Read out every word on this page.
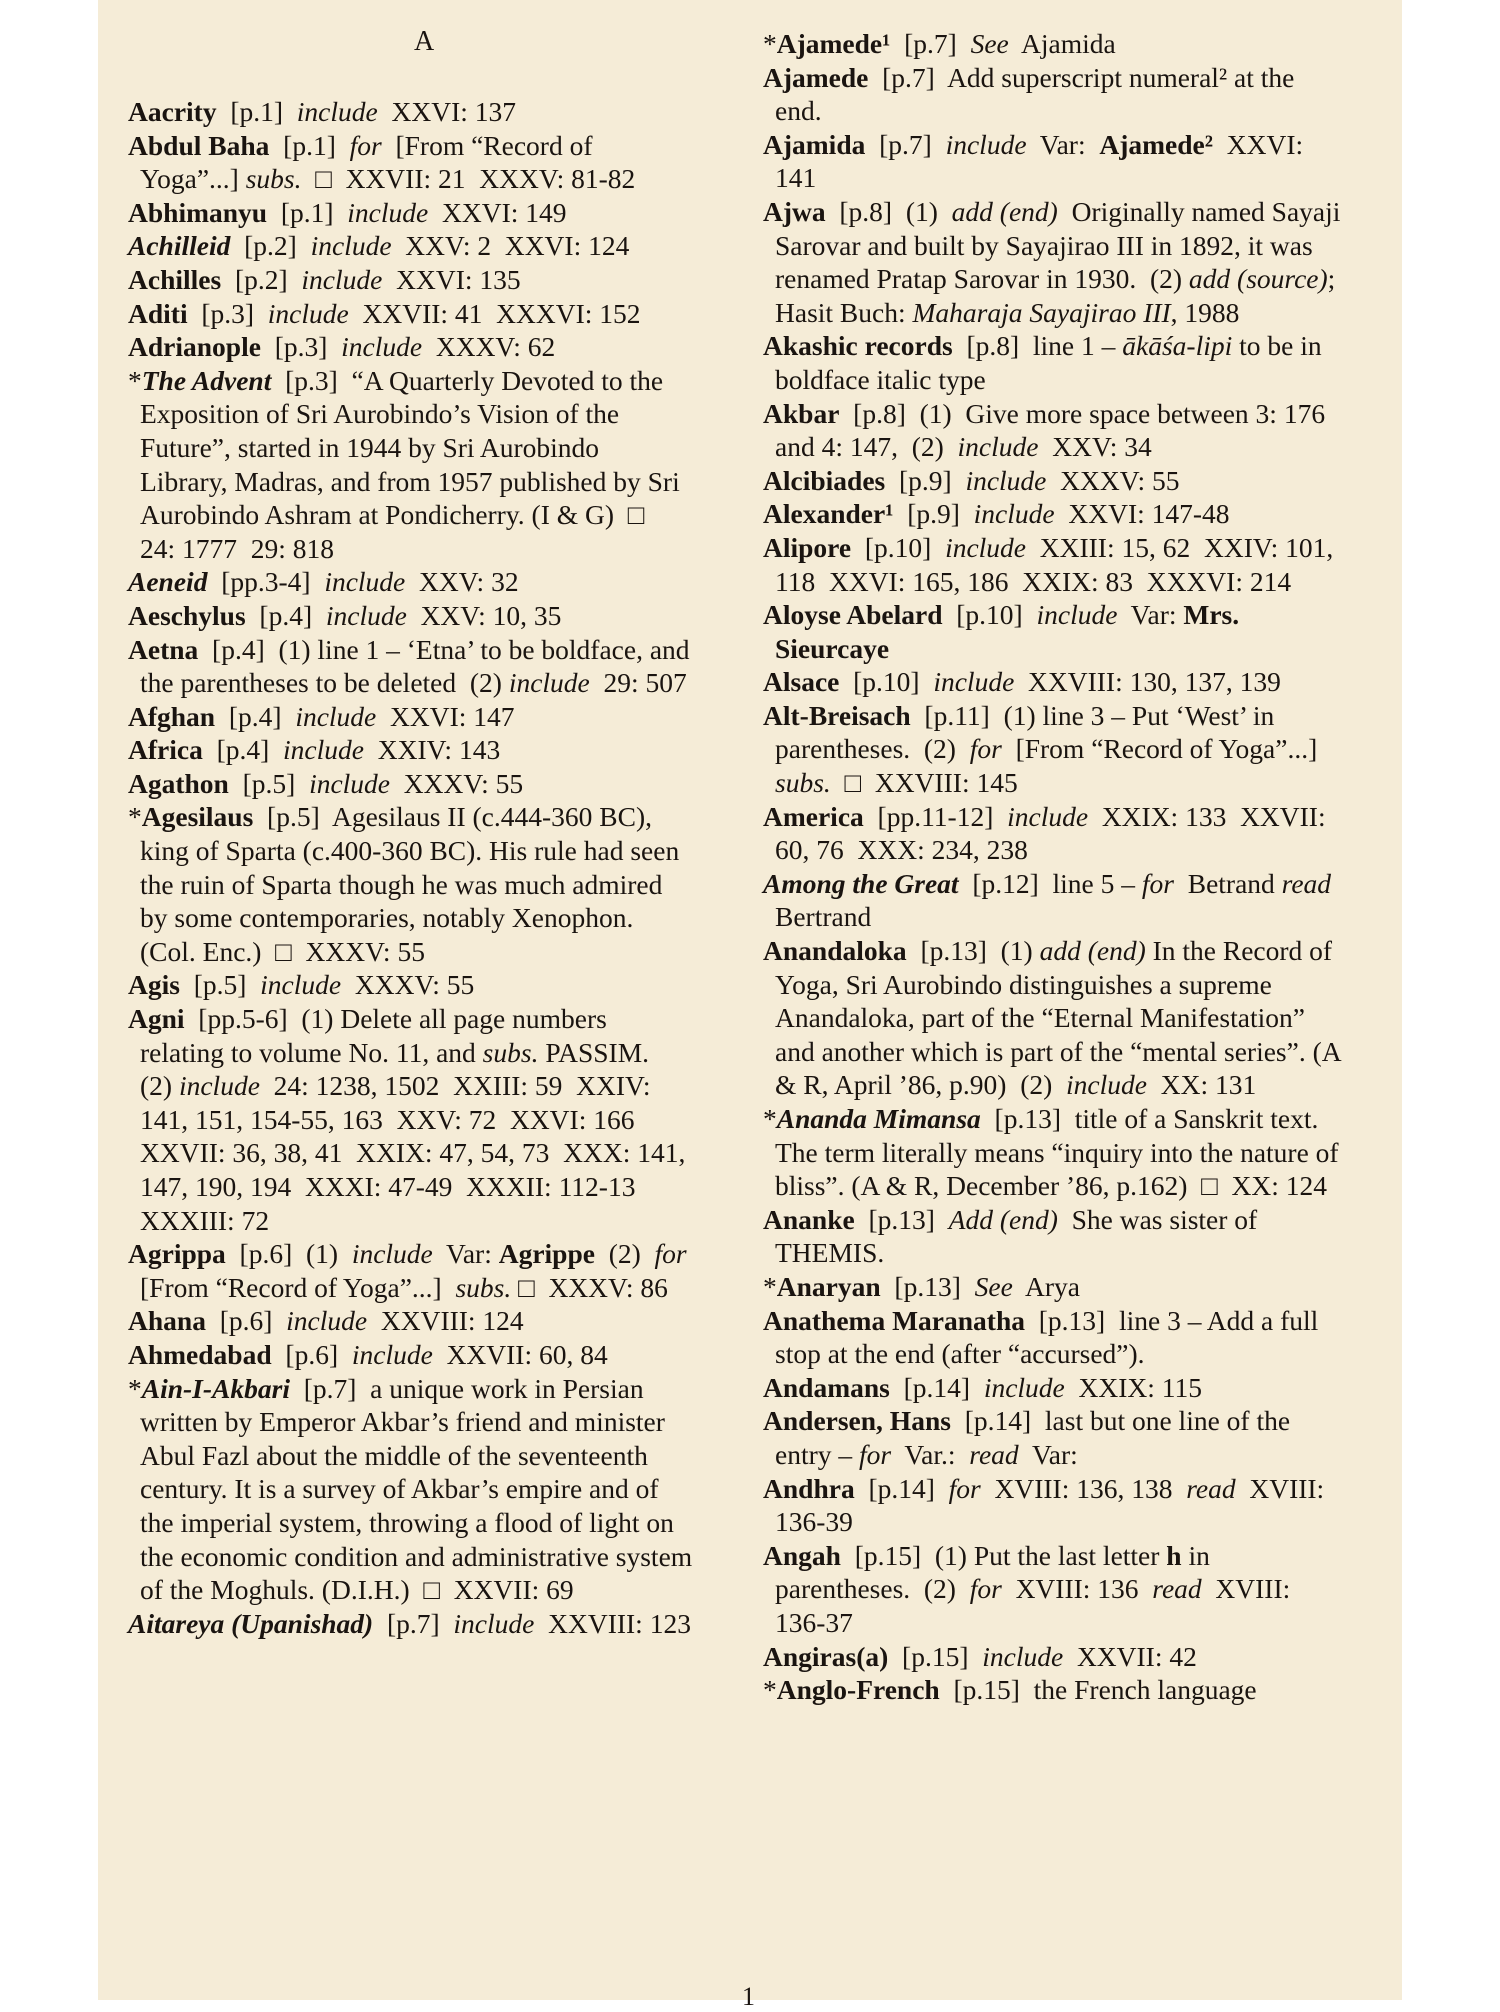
A

Aacrity  [p.1]  include  XXVI: 137

Abdul Baha  [p.1]  for  [From “Record of Yoga”...] subs.  □  XXVII: 21  XXXV: 81-82

Abhimanyu  [p.1]  include  XXVI: 149

Achilleid  [p.2]  include  XXV: 2  XXVI: 124

Achilles  [p.2]  include  XXVI: 135

Aditi  [p.3]  include  XXVII: 41  XXXVI: 152

Adrianople  [p.3]  include  XXXV: 62

*The Advent  [p.3]  “A Quarterly Devoted to the Exposition of Sri Aurobindo’s Vision of the Future”, started in 1944 by Sri Aurobindo Library, Madras, and from 1957 published by Sri Aurobindo Ashram at Pondicherry. (I & G)  □  24: 1777  29: 818

Aeneid  [pp.3-4]  include  XXV: 32

Aeschylus  [p.4]  include  XXV: 10, 35

Aetna  [p.4]  (1) line 1 – ‘Etna’ to be boldface, and the parentheses to be deleted  (2) include  29: 507

Afghan  [p.4]  include  XXVI: 147

Africa  [p.4]  include  XXIV: 143

Agathon  [p.5]  include  XXXV: 55

*Agesilaus  [p.5]  Agesilaus II (c.444-360 BC), king of Sparta (c.400-360 BC). His rule had seen the ruin of Sparta though he was much admired by some contemporaries, notably Xenophon. (Col. Enc.)  □  XXXV: 55

Agis  [p.5]  include  XXXV: 55

Agni  [pp.5-6]  (1) Delete all page numbers relating to volume No. 11, and subs. PASSIM.  (2) include  24: 1238, 1502  XXIII: 59  XXIV: 141, 151, 154-55, 163  XXV: 72  XXVI: 166  XXVII: 36, 38, 41  XXIX: 47, 54, 73  XXX: 141, 147, 190, 194  XXXI: 47-49  XXXII: 112-13  XXXIII: 72

Agrippa  [p.6]  (1)  include  Var: Agrippe  (2)  for  [From “Record of Yoga”...]  subs. □  XXXV: 86

Ahana  [p.6]  include  XXVIII: 124

Ahmedabad  [p.6]  include  XXVII: 60, 84

*Ain-I-Akbari  [p.7]  a unique work in Persian written by Emperor Akbar’s friend and minister Abul Fazl about the middle of the seventeenth century. It is a survey of Akbar’s empire and of the imperial system, throwing a flood of light on the economic condition and administrative system of the Moghuls. (D.I.H.)  □  XXVII: 69

Aitareya (Upanishad)  [p.7]  include  XXVIII: 123

*Ajamede¹  [p.7]  See  Ajamida

Ajamede  [p.7]  Add superscript numeral² at the end.

Ajamida  [p.7]  include  Var:  Ajamede²  XXVI: 141

Ajwa  [p.8]  (1)  add (end)  Originally named Sayaji Sarovar and built by Sayajirao III in 1892, it was renamed Pratap Sarovar in 1930.  (2) add (source); Hasit Buch: Maharaja Sayajirao III, 1988

Akashic records  [p.8]  line 1 – ākāśa-lipi to be in boldface italic type

Akbar  [p.8]  (1)  Give more space between 3: 176 and 4: 147,  (2)  include  XXV: 34

Alcibiades  [p.9]  include  XXXV: 55

Alexander¹  [p.9]  include  XXVI: 147-48

Alipore  [p.10]  include  XXIII: 15, 62  XXIV: 101, 118  XXVI: 165, 186  XXIX: 83  XXXVI: 214

Aloyse Abelard  [p.10]  include  Var: Mrs. Sieurcaye

Alsace  [p.10]  include  XXVIII: 130, 137, 139

Alt-Breisach  [p.11]  (1) line 3 – Put ‘West’ in parentheses.  (2)  for  [From “Record of Yoga”...]  subs.  □  XXVIII: 145

America  [pp.11-12]  include  XXIX: 133  XXVII: 60, 76  XXX: 234, 238

Among the Great  [p.12]  line 5 – for  Betrand read Bertrand

Anandaloka  [p.13]  (1) add (end) In the Record of Yoga, Sri Aurobindo distinguishes a supreme Anandaloka, part of the “Eternal Manifestation” and another which is part of the “mental series”. (A & R, April ’86, p.90)  (2)  include  XX: 131

*Ananda Mimansa  [p.13]  title of a Sanskrit text. The term literally means “inquiry into the nature of bliss”. (A & R, December ’86, p.162)  □  XX: 124

Ananke  [p.13]  Add (end)  She was sister of THEMIS.

*Anaryan  [p.13]  See  Arya

Anathema Maranatha  [p.13]  line 3 – Add a full stop at the end (after “accursed”).

Andamans  [p.14]  include  XXIX: 115

Andersen, Hans  [p.14]  last but one line of the entry – for  Var.:  read  Var:

Andhra  [p.14]  for  XVIII: 136, 138  read  XVIII: 136-39

Angah  [p.15]  (1) Put the last letter h in parentheses.  (2)  for  XVIII: 136  read  XVIII: 136-37

Angiras(a)  [p.15]  include  XXVII: 42

*Anglo-French  [p.15]  the French language

1
